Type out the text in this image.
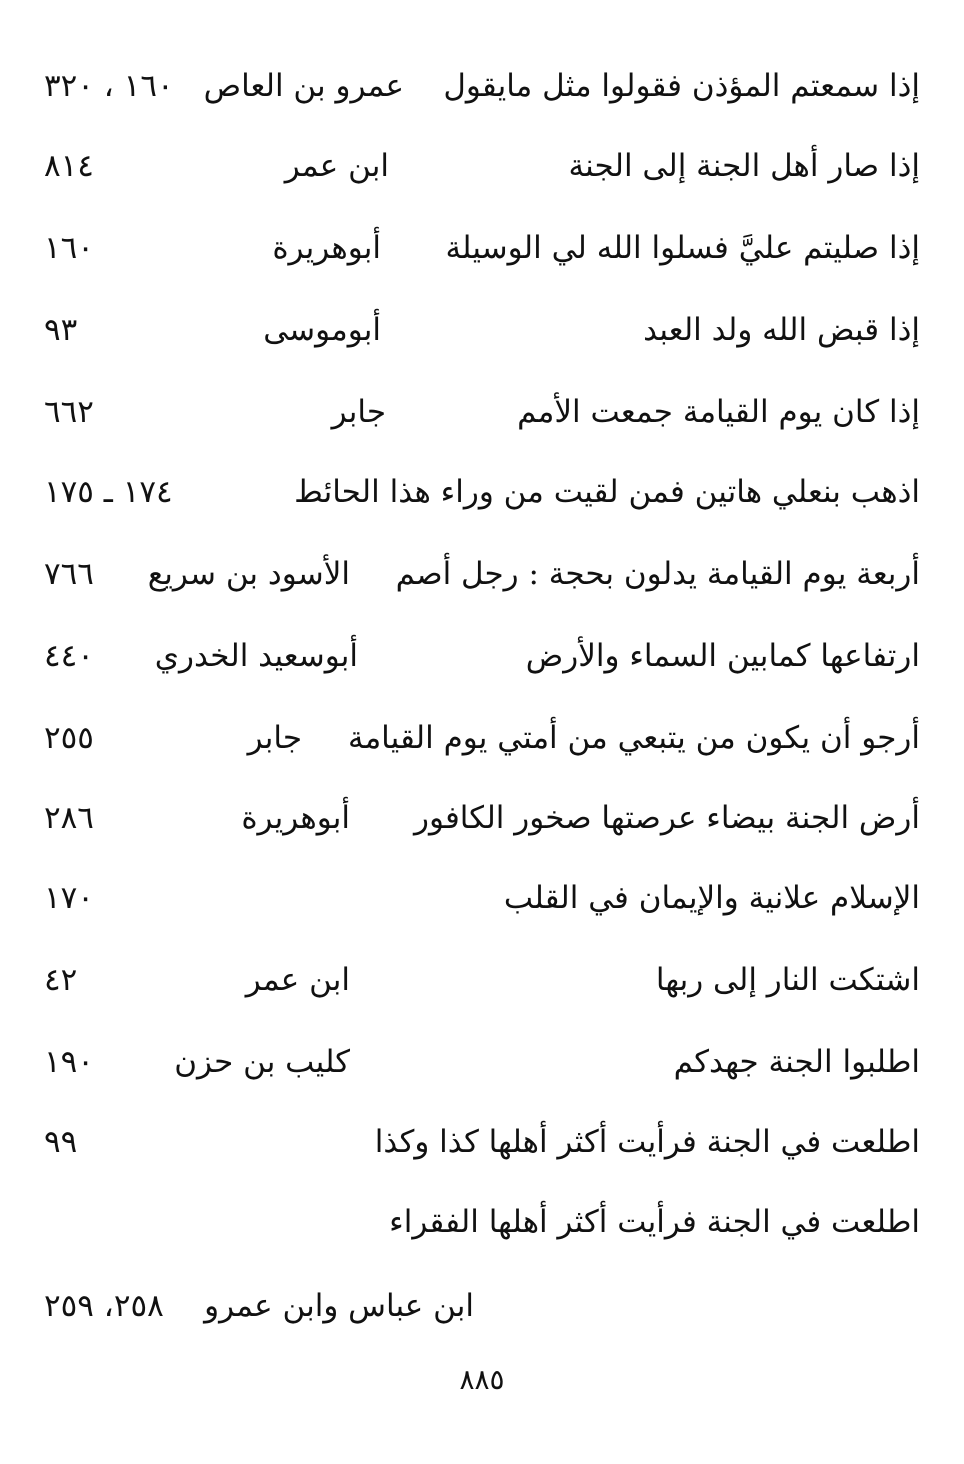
إذا سمعتم المؤذن فقولوا مثل مايقول
عمرو بن العاص
١٦٠ ، ٣٢٠
إذا صار أهل الجنة إلى الجنة
ابن عمر
٨١٤
إذا صليتم عليَّ فسلوا الله لي الوسيلة
أبوهريرة
١٦٠
إذا قبض الله ولد العبد
أبوموسى
٩٣
إذا كان يوم القيامة جمعت الأمم
جابر
٦٦٢
اذهب بنعلي هاتين فمن لقيت من وراء هذا الحائط
١٧٤ ـ ١٧٥
أربعة يوم القيامة يدلون بحجة : رجل أصم
الأسود بن سريع
٧٦٦
ارتفاعها كمابين السماء والأرض
أبوسعيد الخدري
٤٤٠
أرجو أن يكون من يتبعي من أمتي يوم القيامة
جابر
٢٥٥
أرض الجنة بيضاء عرصتها صخور الكافور
أبوهريرة
٢٨٦
الإسلام علانية والإيمان في القلب
١٧٠
اشتكت النار إلى ربها
ابن عمر
٤٢
اطلبوا الجنة جهدكم
كليب بن حزن
١٩٠
اطلعت في الجنة فرأيت أكثر أهلها كذا وكذا
٩٩
اطلعت في الجنة فرأيت أكثر أهلها الفقراء
ابن عباس وابن عمرو
٢٥٨، ٢٥٩
٨٨٥
